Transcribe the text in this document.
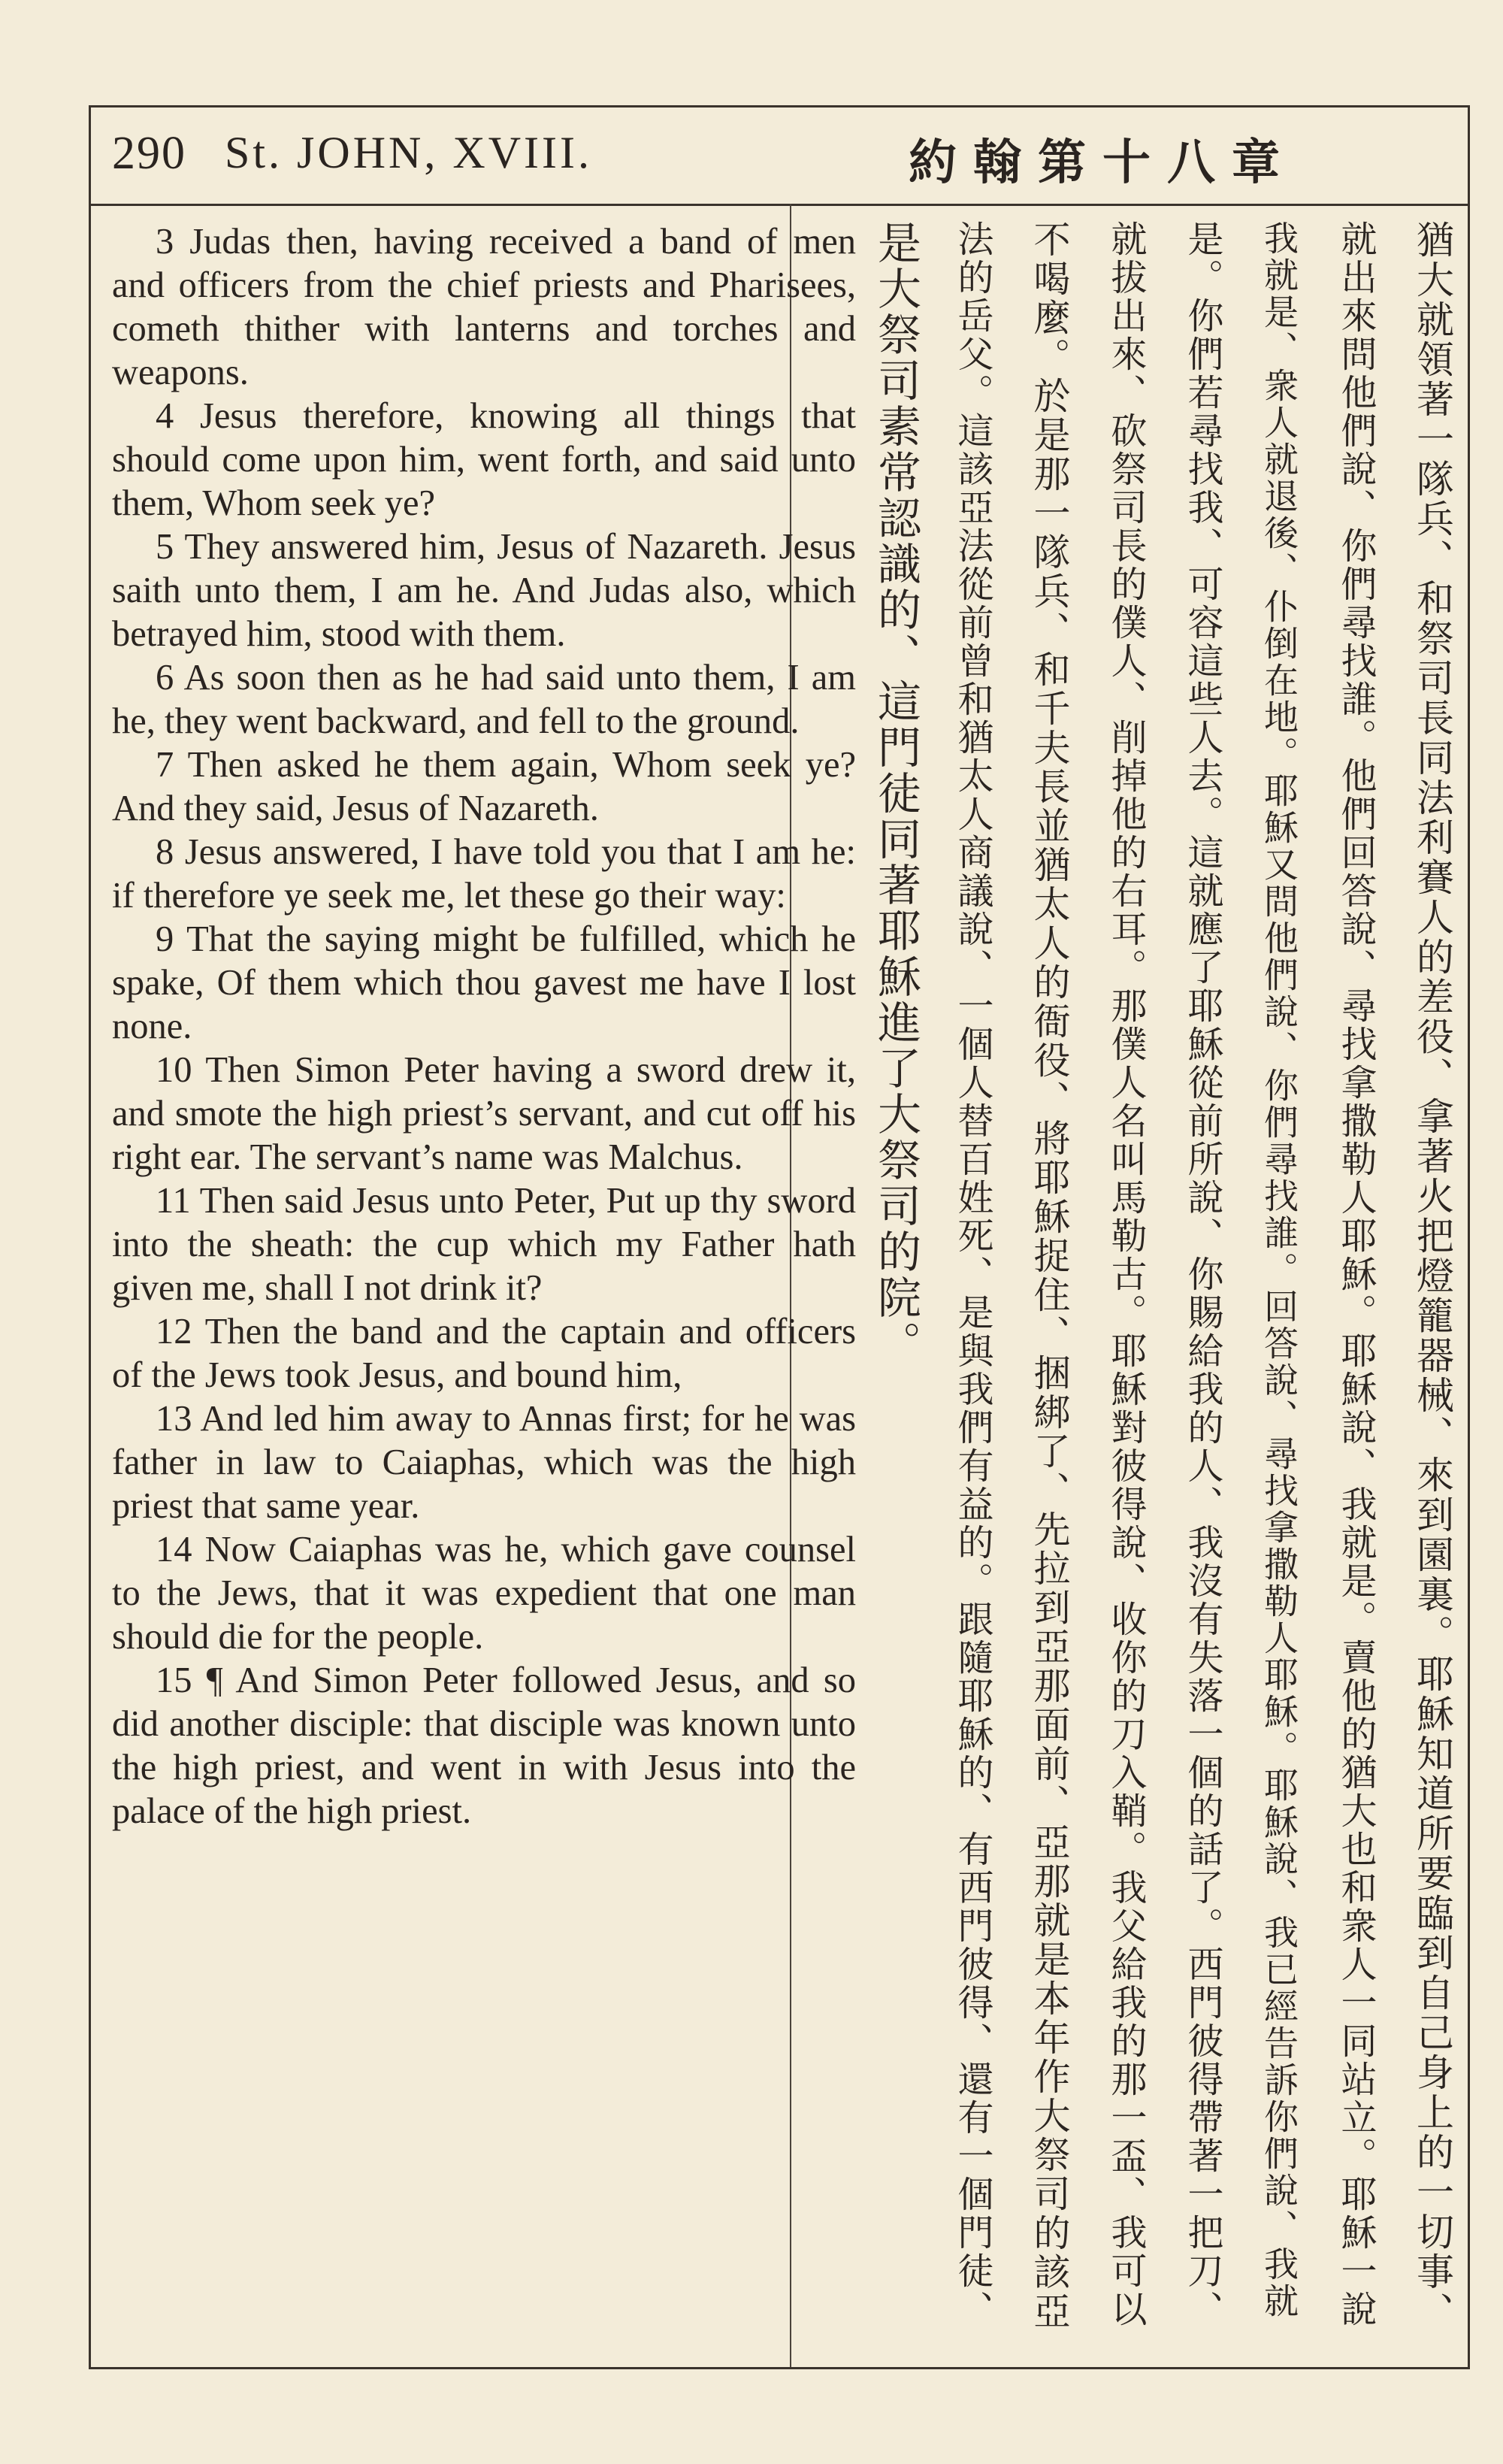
290 St. JOHN, XVIII.	約翰第十八章

3 Judas then, having received a band of men and officers from the chief priests and Pharisees, cometh thither with lanterns and torches and weapons.

4 Jesus therefore, knowing all things that should come upon him, went forth, and said unto them, Whom seek ye?

5 They answered him, Jesus of Nazareth. Jesus saith unto them, I am he. And Judas also, which betrayed him, stood with them.

6 As soon then as he had said unto them, I am he, they went backward, and fell to the ground.

7 Then asked he them again, Whom seek ye? And they said, Jesus of Nazareth.

8 Jesus answered, I have told you that I am he: if therefore ye seek me, let these go their way:

9 That the saying might be fulfilled, which he spake, Of them which thou gavest me have I lost none.

10 Then Simon Peter having a sword drew it, and smote the high priest’s servant, and cut off his right ear. The servant’s name was Malchus.

11 Then said Jesus unto Peter, Put up thy sword into the sheath: the cup which my Father hath given me, shall I not drink it?

12 Then the band and the captain and officers of the Jews took Jesus, and bound him,

13 And led him away to Annas first; for he was father in law to Caiaphas, which was the high priest that same year.

14 Now Caiaphas was he, which gave counsel to the Jews, that it was expedient that one man should die for the people.

15 ¶ And Simon Peter followed Jesus, and so did another disciple: that disciple was known unto the high priest, and went in with Jesus into the palace of the high priest.	猶大就領著一隊兵、和祭司長同法利賽人的差役、拿著火把燈籠器械、來到園裏。耶穌知道所要臨到自己身上的一切事、
就出來問他們說、你們尋找誰。他們回答說、尋找拿撒勒人耶穌。耶穌說、我就是。賣他的猶大也和衆人一同站立。耶穌一說
我就是、衆人就退後、仆倒在地。耶穌又問他們說、你們尋找誰。回答說、尋找拿撒勒人耶穌。耶穌說、我已經告訴你們說、我就
是。你們若尋找我、可容這些人去。這就應了耶穌從前所說、你賜給我的人、我沒有失落一個的話了。西門彼得帶著一把刀、
就拔出來、砍祭司長的僕人、削掉他的右耳。那僕人名叫馬勒古。耶穌對彼得說、收你的刀入鞘。我父給我的那一盃、我可以
不喝麼。於是那一隊兵、和千夫長並猶太人的衙役、將耶穌捉住、捆綁了、先拉到亞那面前、亞那就是本年作大祭司的該亞
法的岳父。這該亞法從前曾和猶太人商議說、一個人替百姓死、是與我們有益的。跟隨耶穌的、有西門彼得、還有一個門徒、
是大祭司素常認識的、這門徒同著耶穌進了大祭司的院。
